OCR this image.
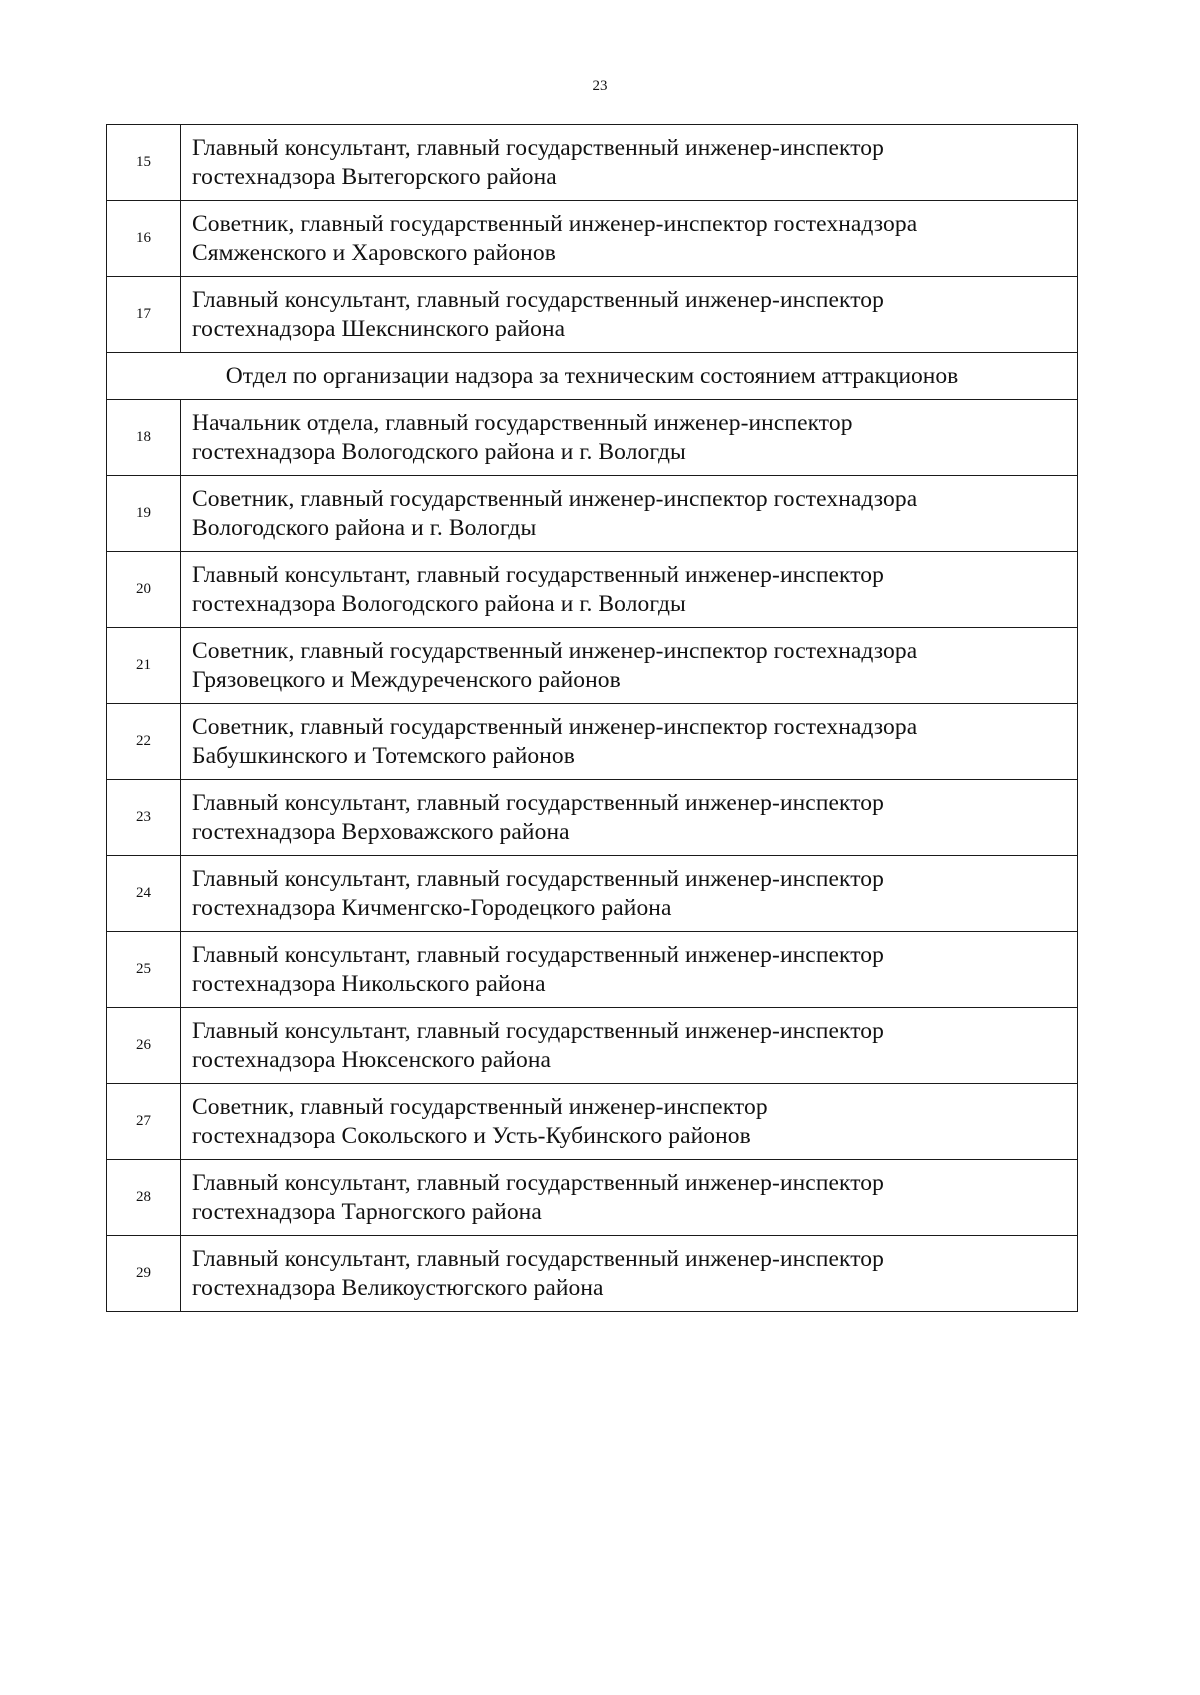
23
15	Главный консультант, главный государственный инженер-инспектор
гостехнадзора Вытегорского района

16	Советник, главный государственный инженер-инспектор гостехнадзора
Сямженского и Харовского районов

17	Главный консультант, главный государственный инженер-инспектор
гостехнадзора Шекснинского района

Отдел по организации надзора за техническим состоянием аттракционов	
18	Начальник отдела, главный государственный инженер-инспектор
гостехнадзора Вологодского района и г. Вологды

19	Советник, главный государственный инженер-инспектор гостехнадзора
Вологодского района и г. Вологды

20	Главный консультант, главный государственный инженер-инспектор
гостехнадзора Вологодского района и г. Вологды

21	Советник, главный государственный инженер-инспектор гостехнадзора
Грязовецкого и Междуреченского районов

22	Советник, главный государственный инженер-инспектор гостехнадзора
Бабушкинского и Тотемского районов

23	Главный консультант, главный государственный инженер-инспектор
гостехнадзора Верховажского района

24	Главный консультант, главный государственный инженер-инспектор
гостехнадзора Кичменгско-Городецкого района

25	Главный консультант, главный государственный инженер-инспектор
гостехнадзора Никольского района

26	Главный консультант, главный государственный инженер-инспектор
гостехнадзора Нюксенского района

27	Советник, главный государственный инженер-инспектор
гостехнадзора Сокольского и Усть-Кубинского районов

28	Главный консультант, главный государственный инженер-инспектор
гостехнадзора Тарногского района

29	Главный консультант, главный государственный инженер-инспектор
гостехнадзора Великоустюгского района
